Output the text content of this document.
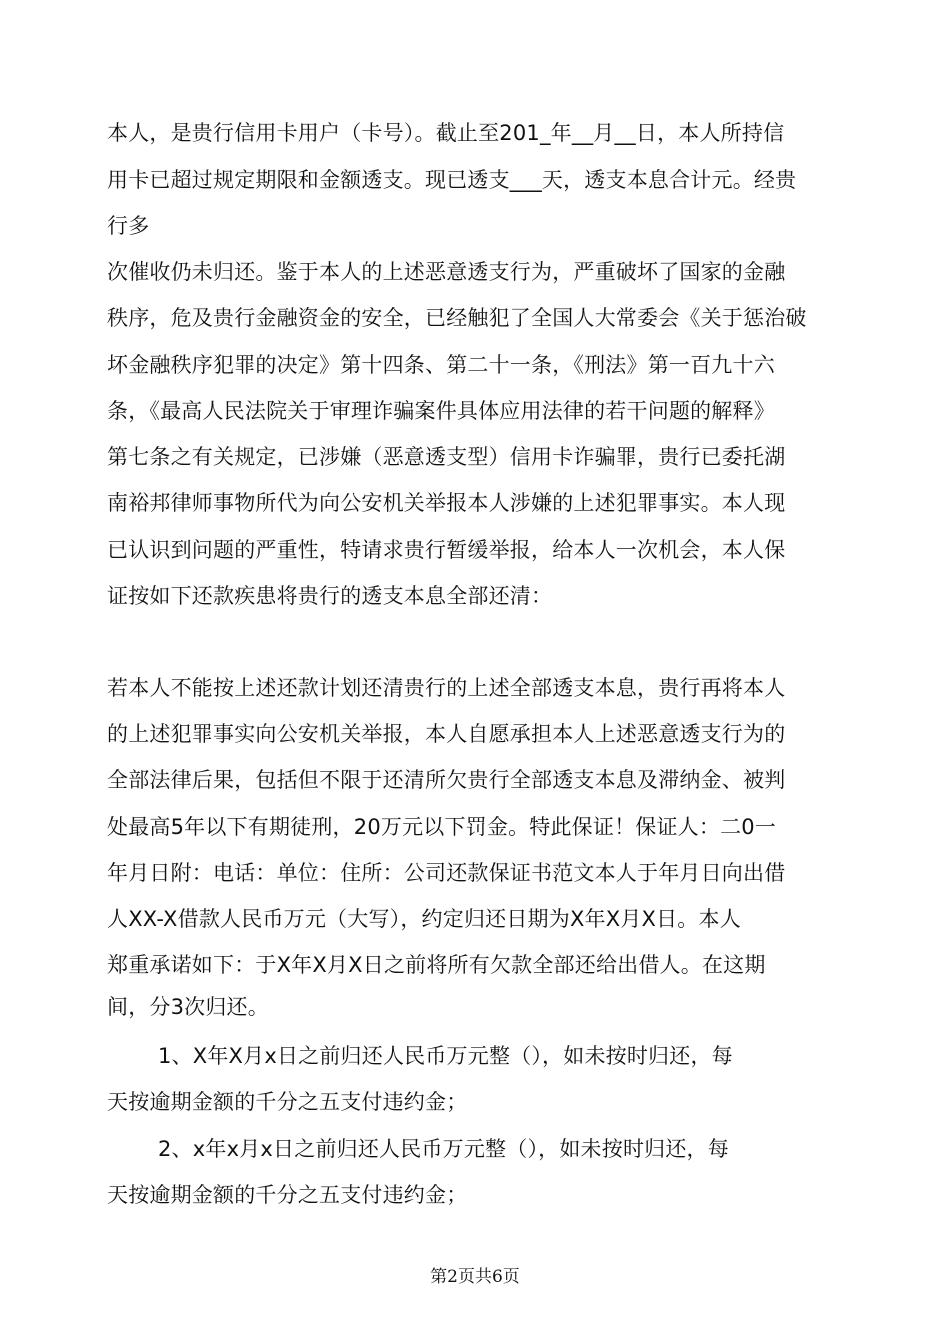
本人，是贵行信用卡用户（卡号）。截止至201_年__月__日，本人所持信
用卡已超过规定期限和金额透支。现已透支___天，透支本息合计元。经贵
行多
次催收仍未归还。鉴于本人的上述恶意透支行为，严重破坏了国家的金融
秩序，危及贵行金融资金的安全，已经触犯了全国人大常委会《关于惩治破
坏金融秩序犯罪的决定》第十四条、第二十一条，《刑法》第一百九十六
条，《最高人民法院关于审理诈骗案件具体应用法律的若干问题的解释》
第七条之有关规定，已涉嫌（恶意透支型）信用卡诈骗罪，贵行已委托湖
南裕邦律师事物所代为向公安机关举报本人涉嫌的上述犯罪事实。本人现
已认识到问题的严重性，特请求贵行暂缓举报，给本人一次机会，本人保
证按如下还款疾患将贵行的透支本息全部还清：
若本人不能按上述还款计划还清贵行的上述全部透支本息，贵行再将本人
的上述犯罪事实向公安机关举报，本人自愿承担本人上述恶意透支行为的
全部法律后果，包括但不限于还清所欠贵行全部透支本息及滞纳金、被判
处最高5年以下有期徒刑，20万元以下罚金。特此保证！保证人：二0一
年月日附：电话：单位：住所：公司还款保证书范文本人于年月日向出借
人XX-X借款人民币万元（大写），约定归还日期为X年X月X日。本人
郑重承诺如下：于X年X月X日之前将所有欠款全部还给出借人。在这期
间，分3次归还。
1、X年X月x日之前归还人民币万元整（），如未按时归还，每
天按逾期金额的千分之五支付违约金；
2、x年x月x日之前归还人民币万元整（），如未按时归还，每
天按逾期金额的千分之五支付违约金；
第2页共6页
